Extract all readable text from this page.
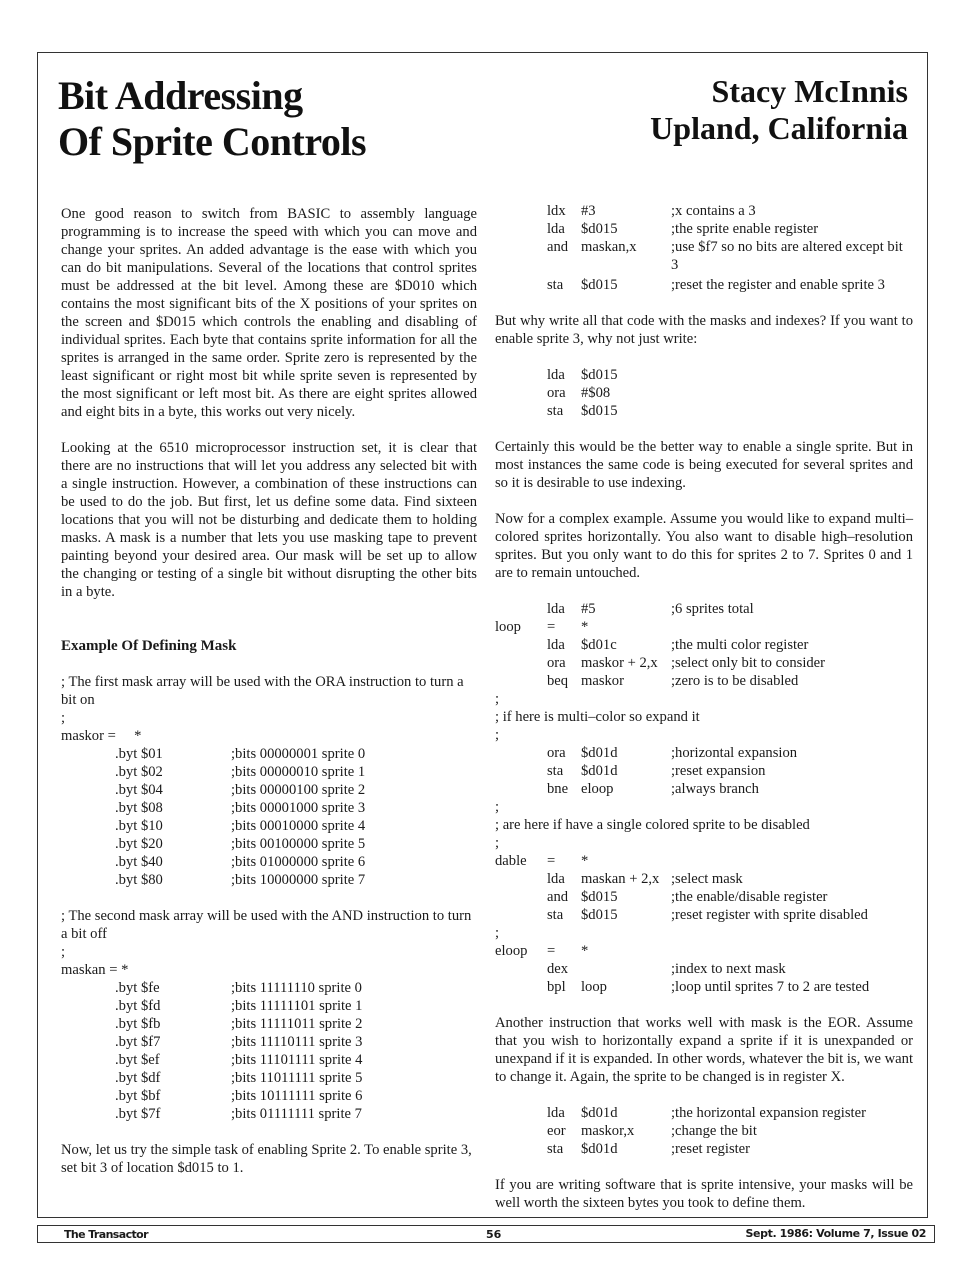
Bit Addressing
Of Sprite Controls
Stacy McInnis
Upland, California

One good reason to switch from BASIC to assembly language programming is to increase the speed with which you can move and change your sprites. An added advantage is the ease with which you can do bit manipulations. Several of the locations that control sprites must be addressed at the bit level. Among these are $D010 which contains the most significant bits of the X positions of your sprites on the screen and $D015 which controls the enabling and disabling of individual sprites. Each byte that contains sprite information for all the sprites is arranged in the same order. Sprite zero is represented by the least significant or right most bit while sprite seven is represented by the most significant or left most bit. As there are eight sprites allowed and eight bits in a byte, this works out very nicely.

Looking at the 6510 microprocessor instruction set, it is clear that there are no instructions that will let you address any selected bit with a single instruction. However, a combination of these instructions can be used to do the job. But first, let us define some data. Find sixteen locations that you will not be disturbing and dedicate them to holding masks. A mask is a number that lets you use masking tape to prevent painting beyond your desired area. Our mask will be set up to allow the changing or testing of a single bit without disrupting the other bits in a byte.

Example Of Defining Mask

; The first mask array will be used with the ORA instruction to turn a bit on

;
maskor =     *
.byt $01	;bits 00000001 sprite 0
.byt $02	;bits 00000010 sprite 1
.byt $04	;bits 00000100 sprite 2
.byt $08	;bits 00001000 sprite 3
.byt $10	;bits 00010000 sprite 4
.byt $20	;bits 00100000 sprite 5
.byt $40	;bits 01000000 sprite 6
.byt $80	;bits 10000000 sprite 7

; The second mask array will be used with the AND instruction to turn a bit off

;
maskan = *
.byt $fe	;bits 11111110 sprite 0
.byt $fd	;bits 11111101 sprite 1
.byt $fb	;bits 11111011 sprite 2
.byt $f7	;bits 11110111 sprite 3
.byt $ef	;bits 11101111 sprite 4
.byt $df	;bits 11011111 sprite 5
.byt $bf	;bits 10111111 sprite 6
.byt $7f	;bits 01111111 sprite 7

Now, let us try the simple task of enabling Sprite 2. To enable sprite 3, set bit 3 of location $d015 to 1.

ldx	#3	;x contains a 3
lda	$d015	;the sprite enable register
and maskan,x	;use $f7 so no bits are altered except bit
3
sta	$d015	;reset the register and enable sprite 3

But why write all that code with the masks and indexes? If you want to enable sprite 3, why not just write:

lda	$d015
ora	#$08
sta	$d015

Certainly this would be the better way to enable a single sprite. But in most instances the same code is being executed for several sprites and so it is desirable to use indexing.

Now for a complex example. Assume you would like to expand multi–colored sprites horizontally. You also want to disable high–resolution sprites. But you only want to do this for sprites 2 to 7. Sprites 0 and 1 are to remain untouched.

lda	#5	;6 sprites total
loop	=	*
lda	$d01c	;the multi color register
ora	maskor + 2,x ;select only bit to consider
beq maskor	;zero is to be disabled
;
; if here is multi–color so expand it
;
ora	$d01d	;horizontal expansion
sta	$d01d	;reset expansion
bne eloop	;always branch
;
; are here if have a single colored sprite to be disabled
;
dable	=	*
lda	maskan + 2,x ;select mask
and $d015	;the enable/disable register
sta	$d015	;reset register with sprite disabled
;
eloop	=	*
dex	;index to next mask
bpl	loop	;loop until sprites 7 to 2 are tested

Another instruction that works well with mask is the EOR. Assume that you wish to horizontally expand a sprite if it is unexpanded or unexpand if it is expanded. In other words, whatever the bit is, we want to change it. Again, the sprite to be changed is in register X.

lda	$d01d	;the horizontal expansion register
eor	maskor,x	;change the bit
sta	$d01d	;reset register

If you are writing software that is sprite intensive, your masks will be well worth the sixteen bytes you took to define them.

The Transactor	56	Sept. 1986: Volume 7, Issue 02
